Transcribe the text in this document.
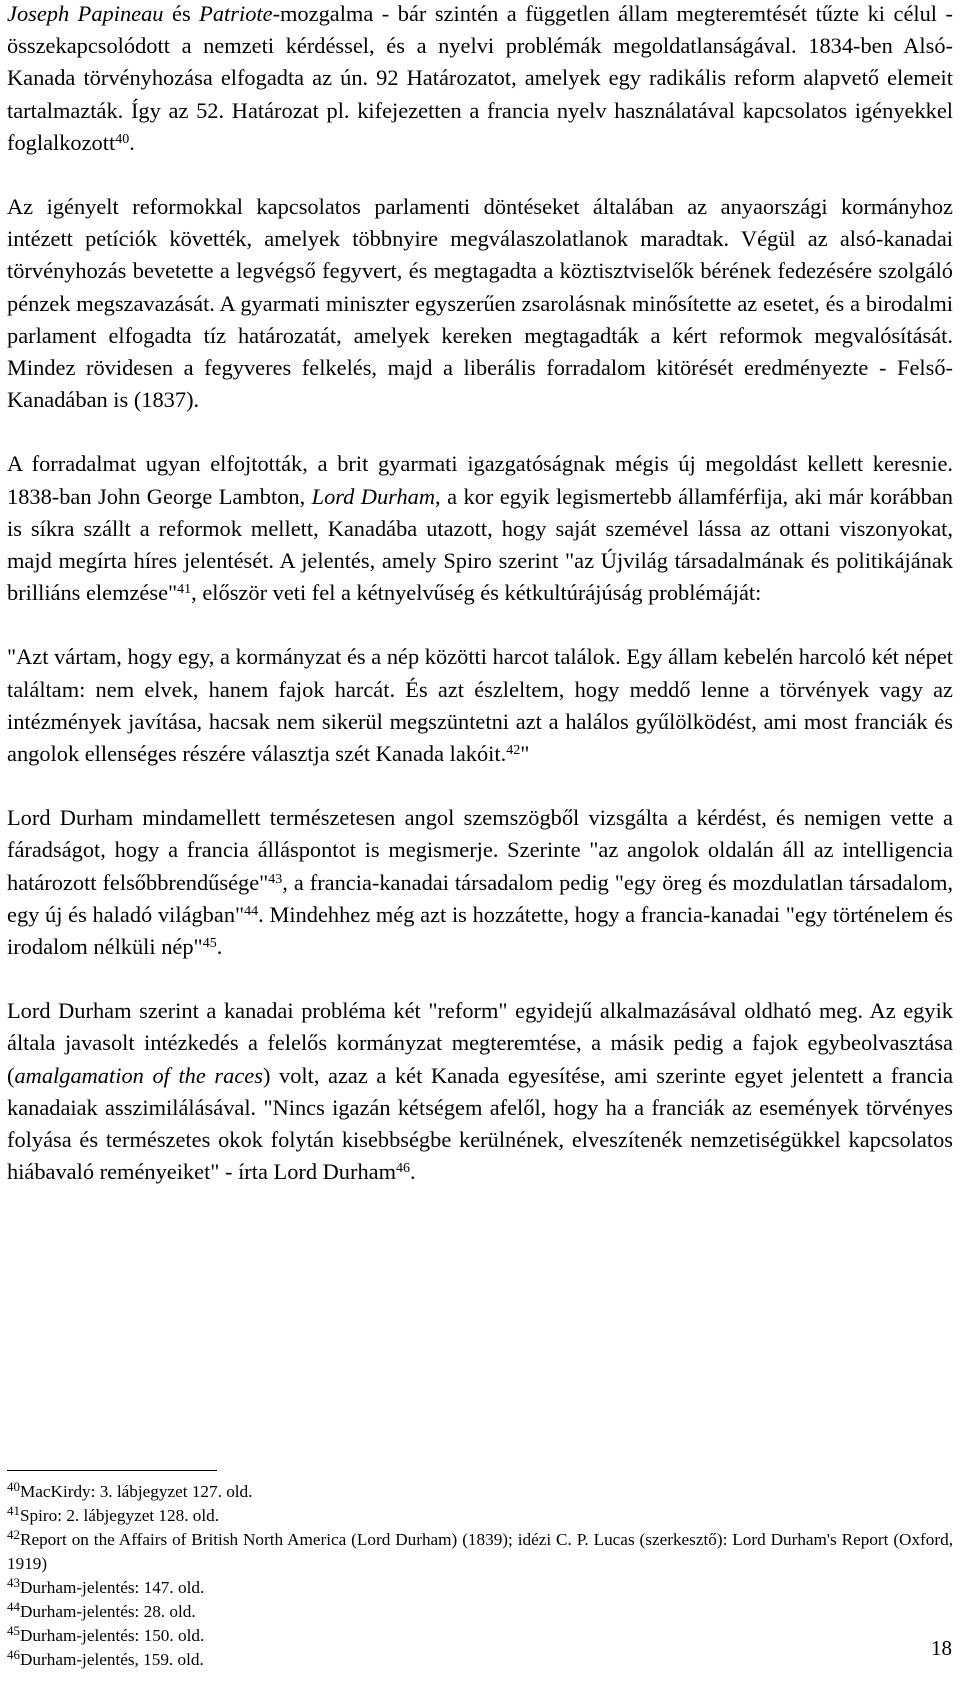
Joseph Papineau és Patriote-mozgalma - bár szintén a független állam megteremtését tűzte ki célul - összekapcsolódott a nemzeti kérdéssel, és a nyelvi problémák megoldatlanságával. 1834-ben Alsó-Kanada törvényhozása elfogadta az ún. 92 Határozatot, amelyek egy radikális reform alapvető elemeit tartalmazták. Így az 52. Határozat pl. kifejezetten a francia nyelv használatával kapcsolatos igényekkel foglalkozott$^{40}$.

Az igényelt reformokkal kapcsolatos parlamenti döntéseket általában az anyaországi kormányhoz intézett petíciók követték, amelyek többnyire megválaszolatlanok maradtak. Végül az alsó-kanadai törvényhozás bevetette a legvégső fegyvert, és megtagadta a köztisztviselők bérének fedezésére szolgáló pénzek megszavazását. A gyarmati miniszter egyszerűen zsarolásnak minősítette az esetet, és a birodalmi parlament elfogadta tíz határozatát, amelyek kereken megtagadták a kért reformok megvalósítását. Mindez rövidesen a fegyveres felkelés, majd a liberális forradalom kitörését eredményezte - Felső-Kanadában is (1837).

A forradalmat ugyan elfojtották, a brit gyarmati igazgatóságnak mégis új megoldást kellett keresnie. 1838-ban John George Lambton, Lord Durham, a kor egyik legismertebb államférfija, aki már korábban is síkra szállt a reformok mellett, Kanadába utazott, hogy saját szemével lássa az ottani viszonyokat, majd megírta híres jelentését. A jelentés, amely Spiro szerint "az Újvilág társadalmának és politikájának brilliáns elemzése"$^{41}$, először veti fel a kétnyelvűség és kétkultúrájúság problémáját:

"Azt vártam, hogy egy, a kormányzat és a nép közötti harcot találok. Egy állam kebelén harcoló két népet találtam: nem elvek, hanem fajok harcát. És azt észleltem, hogy meddő lenne a törvények vagy az intézmények javítása, hacsak nem sikerül megszüntetni azt a halálos gyűlölködést, ami most franciák és angolok ellenséges részére választja szét Kanada lakóit.$^{42}$"

Lord Durham mindamellett természetesen angol szemszögből vizsgálta a kérdést, és nemigen vette a fáradságot, hogy a francia álláspontot is megismerje. Szerinte "az angolok oldalán áll az intelligencia határozott felsőbbrendűsége"$^{43}$, a francia-kanadai társadalom pedig "egy öreg és mozdulatlan társadalom, egy új és haladó világban"$^{44}$. Mindehhez még azt is hozzátette, hogy a francia-kanadai "egy történelem és irodalom nélküli nép"$^{45}$.

Lord Durham szerint a kanadai probléma két "reform" egyidejű alkalmazásával oldható meg. Az egyik általa javasolt intézkedés a felelős kormányzat megteremtése, a másik pedig a fajok egybeolvasztása (amalgamation of the races) volt, azaz a két Kanada egyesítése, ami szerinte egyet jelentett a francia kanadaiak asszimilálásával. "Nincs igazán kétségem afelől, hogy ha a franciák az események törvényes folyása és természetes okok folytán kisebbségbe kerülnének, elveszítenék nemzetiségükkel kapcsolatos hiábavaló reményeiket" - írta Lord Durham$^{46}$.

$^{40}$MacKirdy: 3. lábjegyzet 127. old.

$^{41}$Spiro: 2. lábjegyzet 128. old.

$^{42}$Report on the Affairs of British North America (Lord Durham) (1839); idézi C. P. Lucas (szerkesztő): Lord Durham's Report (Oxford, 1919)

$^{43}$Durham-jelentés: 147. old.

$^{44}$Durham-jelentés: 28. old.

$^{45}$Durham-jelentés: 150. old.

$^{46}$Durham-jelentés, 159. old.	18
